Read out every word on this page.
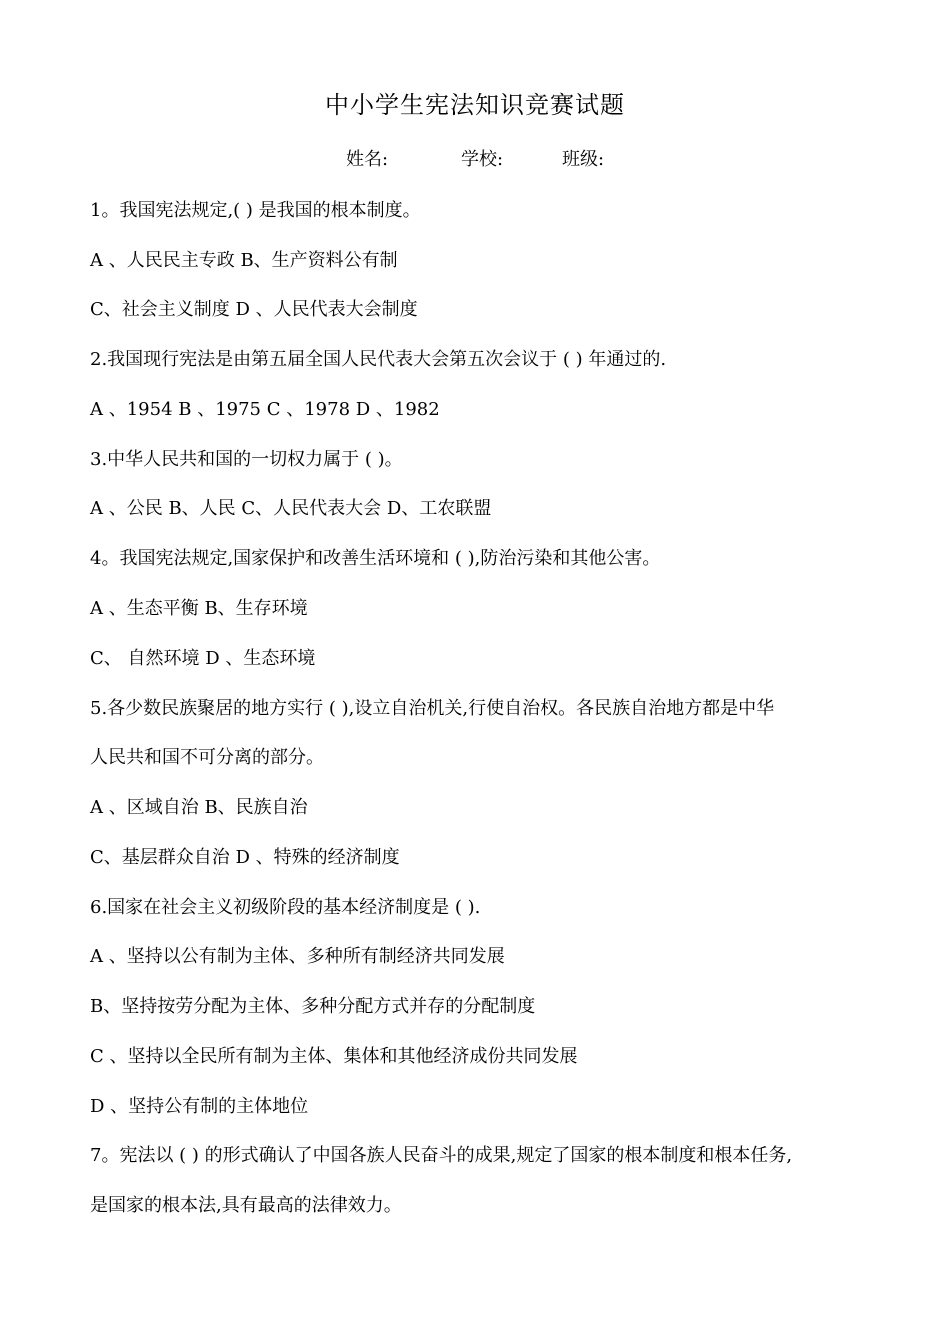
中小学生宪法知识竞赛试题
姓名:	学校:	班级:
1。我国宪法规定,( ) 是我国的根本制度。
A 、人民民主专政 B、生产资料公有制
C、社会主义制度 D 、人民代表大会制度
2.我国现行宪法是由第五届全国人民代表大会第五次会议于 ( ) 年通过的.
A 、1954 B 、1975 C 、1978 D 、1982
3.中华人民共和国的一切权力属于 ( )。
A 、公民 B、人民 C、人民代表大会 D、工农联盟
4。我国宪法规定,国家保护和改善生活环境和 ( ),防治污染和其他公害。
A 、生态平衡 B、生存环境
C、 自然环境 D 、生态环境
5.各少数民族聚居的地方实行 ( ),设立自治机关,行使自治权。各民族自治地方都是中华
人民共和国不可分离的部分。
A 、区域自治 B、民族自治
C、基层群众自治 D 、特殊的经济制度
6.国家在社会主义初级阶段的基本经济制度是 ( ).
A 、坚持以公有制为主体、多种所有制经济共同发展
B、坚持按劳分配为主体、多种分配方式并存的分配制度
C 、坚持以全民所有制为主体、集体和其他经济成份共同发展
D 、坚持公有制的主体地位
7。宪法以 ( ) 的形式确认了中国各族人民奋斗的成果,规定了国家的根本制度和根本任务,
是国家的根本法,具有最高的法律效力。
